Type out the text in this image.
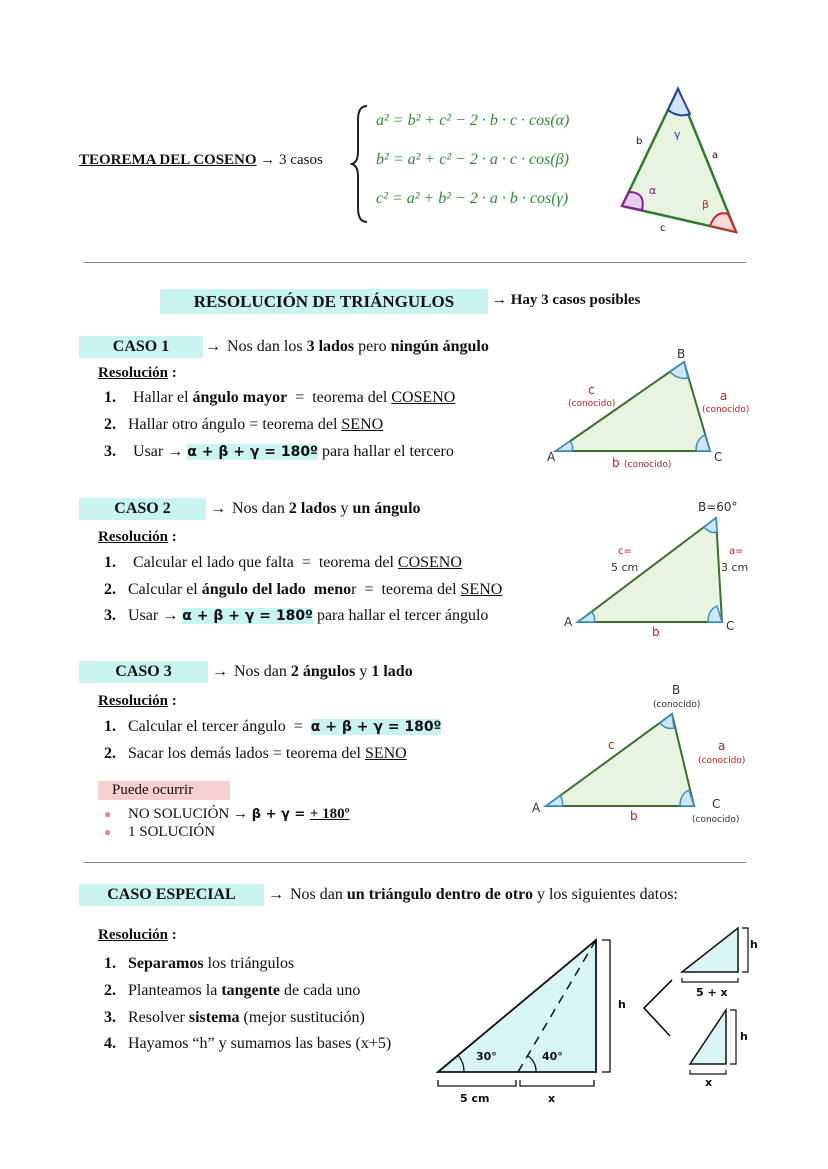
TEOREMA DEL COSENO → 3 casos
a² = b² + c² − 2 · b · c · cos(α)
b² = a² + c² − 2 · a · c · cos(β)
c² = a² + b² − 2 · a · b · cos(γ)
b
a
c
γ
α
β
RESOLUCIÓN DE TRIÁNGULOS	→ Hay 3 casos posibles
CASO 1	→ Nos dan los 3 lados pero ningún ángulo
Resolución :
1. Hallar el ángulo mayor  =  teorema del COSENO
2. Hallar otro ángulo = teorema del SENO
3. Usar → α + β + γ = 180º para hallar el tercero	A
B
C
c
(conocido)
a
(conocido)
b (conocido)
CASO 2	→ Nos dan 2 lados y un ángulo
Resolución :
1. Calcular el lado que falta  =  teorema del COSENO
2. Calcular el ángulo del lado  menor  =  teorema del SENO
3. Usar → α + β + γ = 180º para hallar el tercer ángulo
B=60°
A	C
c=
5 cm
a=
3 cm
b
CASO 3	→ Nos dan 2 ángulos y 1 lado
Resolución :
1. Calcular el tercer ángulo  =  α + β + γ = 180º
2. Sacar los demás lados = teorema del SENO
Puede ocurrir
● NO SOLUCIÓN → β + γ = + 180º
● 1 SOLUCIÓN
B
(conocido)
A	C
(conocido)
c	a
(conocido)
b
CASO ESPECIAL	→ Nos dan un triángulo dentro de otro y los siguientes datos:
Resolución :
1. Separamos los triángulos
2. Planteamos la tangente de cada uno
3. Resolver sistema (mejor sustitución)
4. Hayamos “h” y sumamos las bases (x+5)
30°	40°
5 cm	x
h
5 + x
h
x
h
